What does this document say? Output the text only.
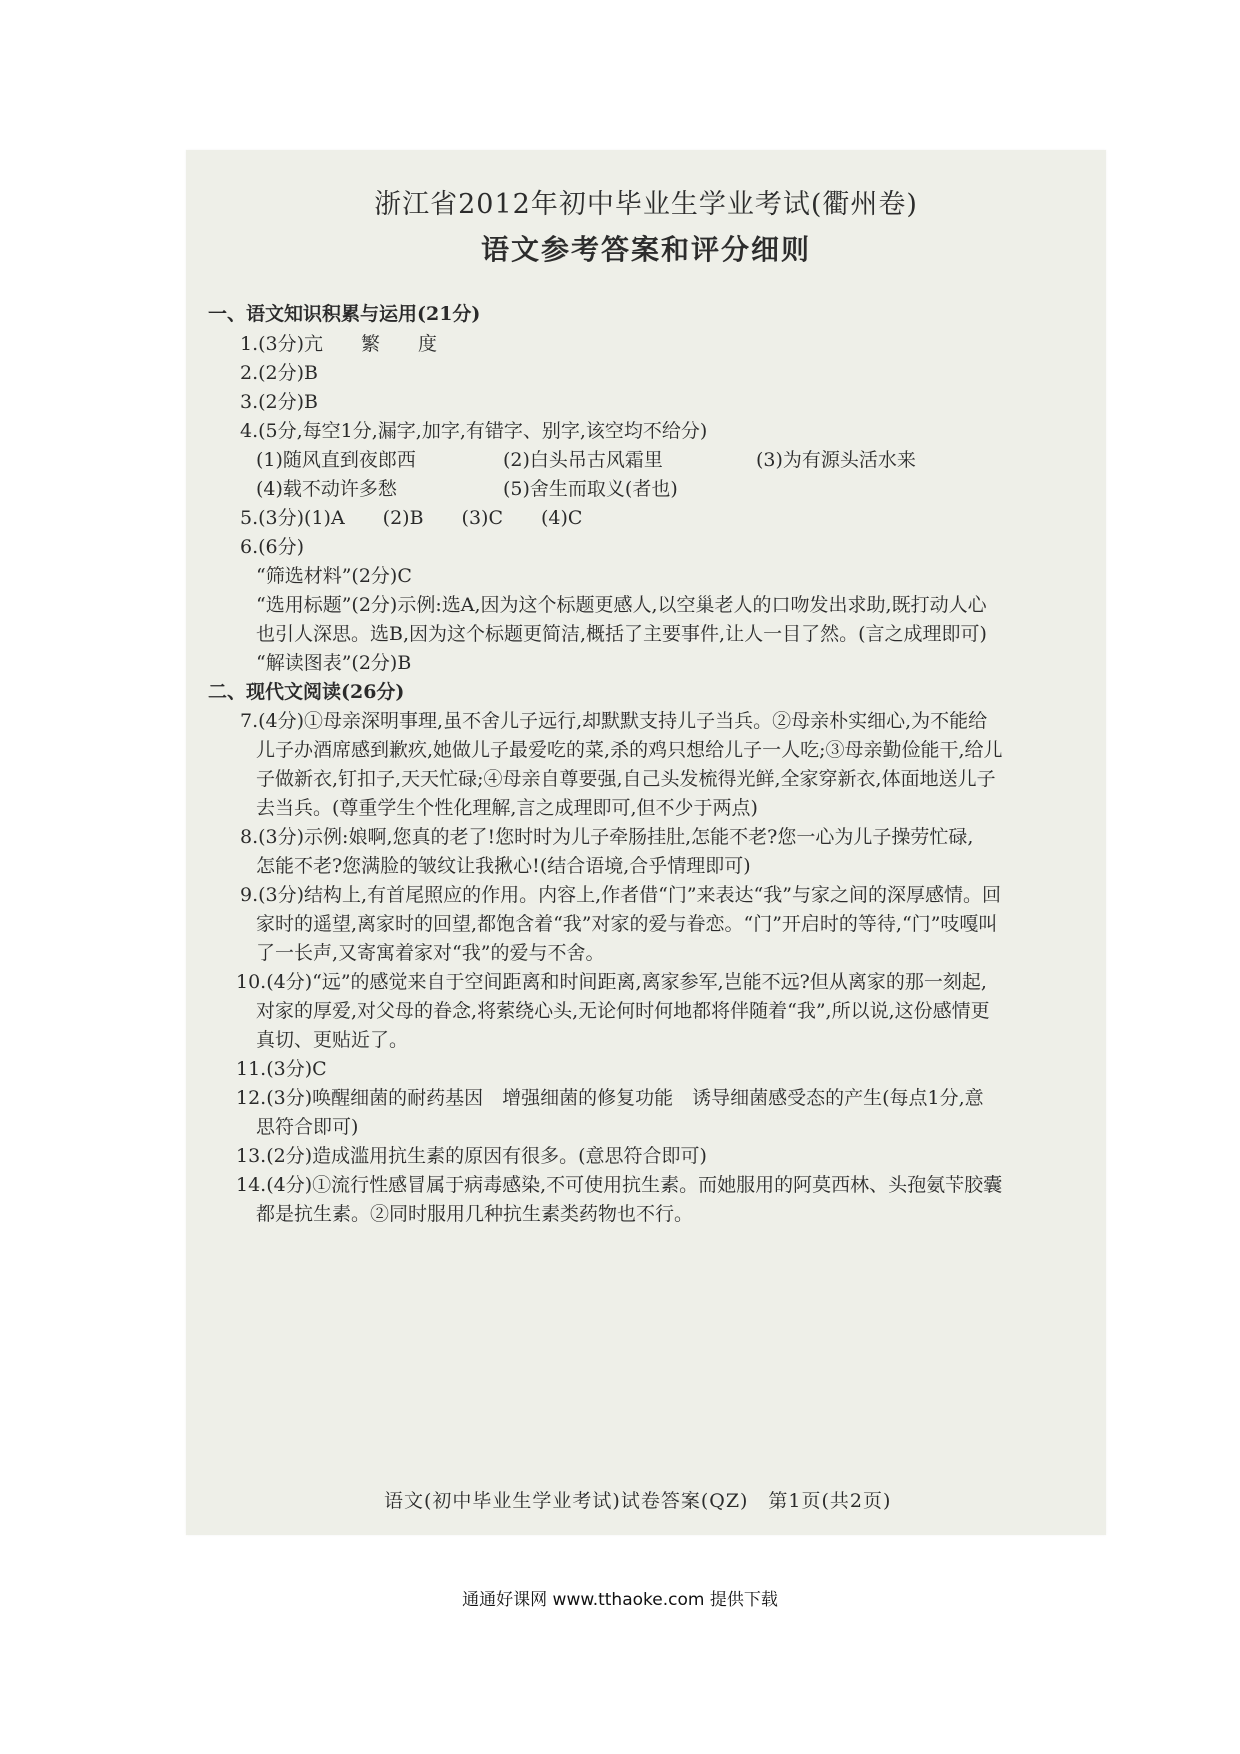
浙江省2012年初中毕业生学业考试(衢州卷)
语文参考答案和评分细则
一、语文知识积累与运用(21分)
1.(3分)亢　　繁　　度
2.(2分)B
3.(2分)B
4.(5分,每空1分,漏字,加字,有错字、别字,该空均不给分)
(1)随风直到夜郎西	(2)白头吊古风霜里	(3)为有源头活水来
(4)载不动许多愁	(5)舍生而取义(者也)
5.(3分)(1)A　　(2)B　　(3)C　　(4)C
6.(6分)
“筛选材料”(2分)C
“选用标题”(2分)示例:选A,因为这个标题更感人,以空巢老人的口吻发出求助,既打动人心
也引人深思。选B,因为这个标题更简洁,概括了主要事件,让人一目了然。(言之成理即可)
“解读图表”(2分)B
二、现代文阅读(26分)
7.(4分)①母亲深明事理,虽不舍儿子远行,却默默支持儿子当兵。②母亲朴实细心,为不能给
儿子办酒席感到歉疚,她做儿子最爱吃的菜,杀的鸡只想给儿子一人吃;③母亲勤俭能干,给儿
子做新衣,钉扣子,天天忙碌;④母亲自尊要强,自己头发梳得光鲜,全家穿新衣,体面地送儿子
去当兵。(尊重学生个性化理解,言之成理即可,但不少于两点)
8.(3分)示例:娘啊,您真的老了!您时时为儿子牵肠挂肚,怎能不老?您一心为儿子操劳忙碌,
怎能不老?您满脸的皱纹让我揪心!(结合语境,合乎情理即可)
9.(3分)结构上,有首尾照应的作用。内容上,作者借“门”来表达“我”与家之间的深厚感情。回
家时的遥望,离家时的回望,都饱含着“我”对家的爱与眷恋。“门”开启时的等待,“门”吱嘎叫
了一长声,又寄寓着家对“我”的爱与不舍。
10.(4分)“远”的感觉来自于空间距离和时间距离,离家参军,岂能不远?但从离家的那一刻起,
对家的厚爱,对父母的眷念,将萦绕心头,无论何时何地都将伴随着“我”,所以说,这份感情更
真切、更贴近了。
11.(3分)C
12.(3分)唤醒细菌的耐药基因　增强细菌的修复功能　诱导细菌感受态的产生(每点1分,意
思符合即可)
13.(2分)造成滥用抗生素的原因有很多。(意思符合即可)
14.(4分)①流行性感冒属于病毒感染,不可使用抗生素。而她服用的阿莫西林、头孢氨苄胶囊
都是抗生素。②同时服用几种抗生素类药物也不行。
语文(初中毕业生学业考试)试卷答案(QZ)　第1页(共2页)
通通好课网 www.tthaoke.com 提供下载
